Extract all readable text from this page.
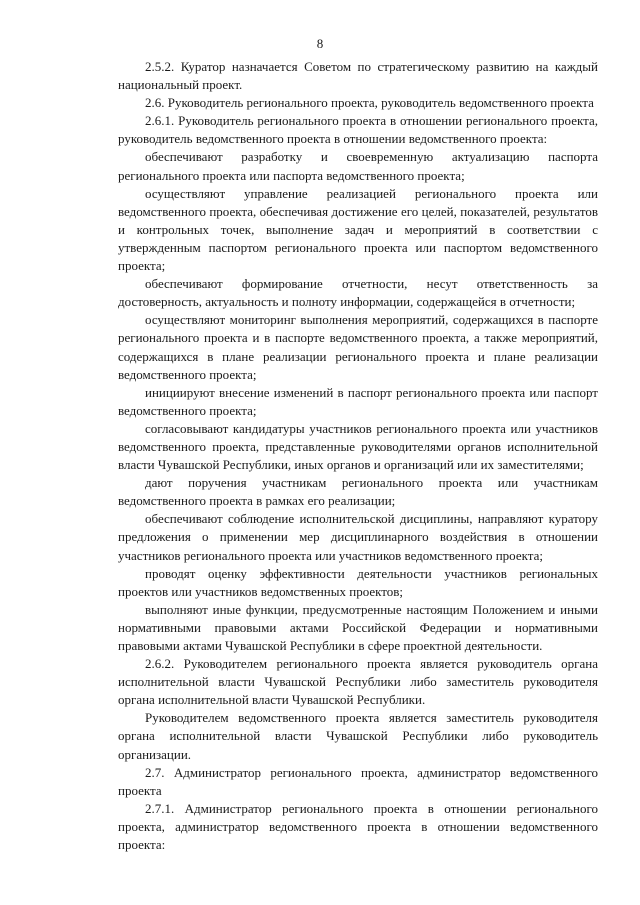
8

2.5.2. Куратор назначается Советом по стратегическому развитию на каждый национальный проект.

2.6. Руководитель регионального проекта, руководитель ведомственного проекта

2.6.1. Руководитель регионального проекта в отношении регионального проекта, руководитель ведомственного проекта в отношении ведомственного проекта:

обеспечивают разработку и своевременную актуализацию паспорта регионального проекта или паспорта ведомственного проекта;

осуществляют управление реализацией регионального проекта или ведомственного проекта, обеспечивая достижение его целей, показателей, результатов и контрольных точек, выполнение задач и мероприятий в соответствии с утвержденным паспортом регионального проекта или паспортом ведомственного проекта;

обеспечивают формирование отчетности, несут ответственность за достоверность, актуальность и полноту информации, содержащейся в отчетности;

осуществляют мониторинг выполнения мероприятий, содержащихся в паспорте регионального проекта и в паспорте ведомственного проекта, а также мероприятий, содержащихся в плане реализации регионального проекта и плане реализации ведомственного проекта;

инициируют внесение изменений в паспорт регионального проекта или паспорт ведомственного проекта;

согласовывают кандидатуры участников регионального проекта или участников ведомственного проекта, представленные руководителями органов исполнительной власти Чувашской Республики, иных органов и организаций или их заместителями;

дают поручения участникам регионального проекта или участникам ведомственного проекта в рамках его реализации;

обеспечивают соблюдение исполнительской дисциплины, направляют куратору предложения о применении мер дисциплинарного воздействия в отношении участников регионального проекта или участников ведомственного проекта;

проводят оценку эффективности деятельности участников региональных проектов или участников ведомственных проектов;

выполняют иные функции, предусмотренные настоящим Положением и иными нормативными правовыми актами Российской Федерации и нормативными правовыми актами Чувашской Республики в сфере проектной деятельности.

2.6.2. Руководителем регионального проекта является руководитель органа исполнительной власти Чувашской Республики либо заместитель руководителя органа исполнительной власти Чувашской Республики.

Руководителем ведомственного проекта является заместитель руководителя органа исполнительной власти Чувашской Республики либо руководитель организации.

2.7. Администратор регионального проекта, администратор ведомственного проекта

2.7.1. Администратор регионального проекта в отношении регионального проекта, администратор ведомственного проекта в отношении ведомственного проекта:
